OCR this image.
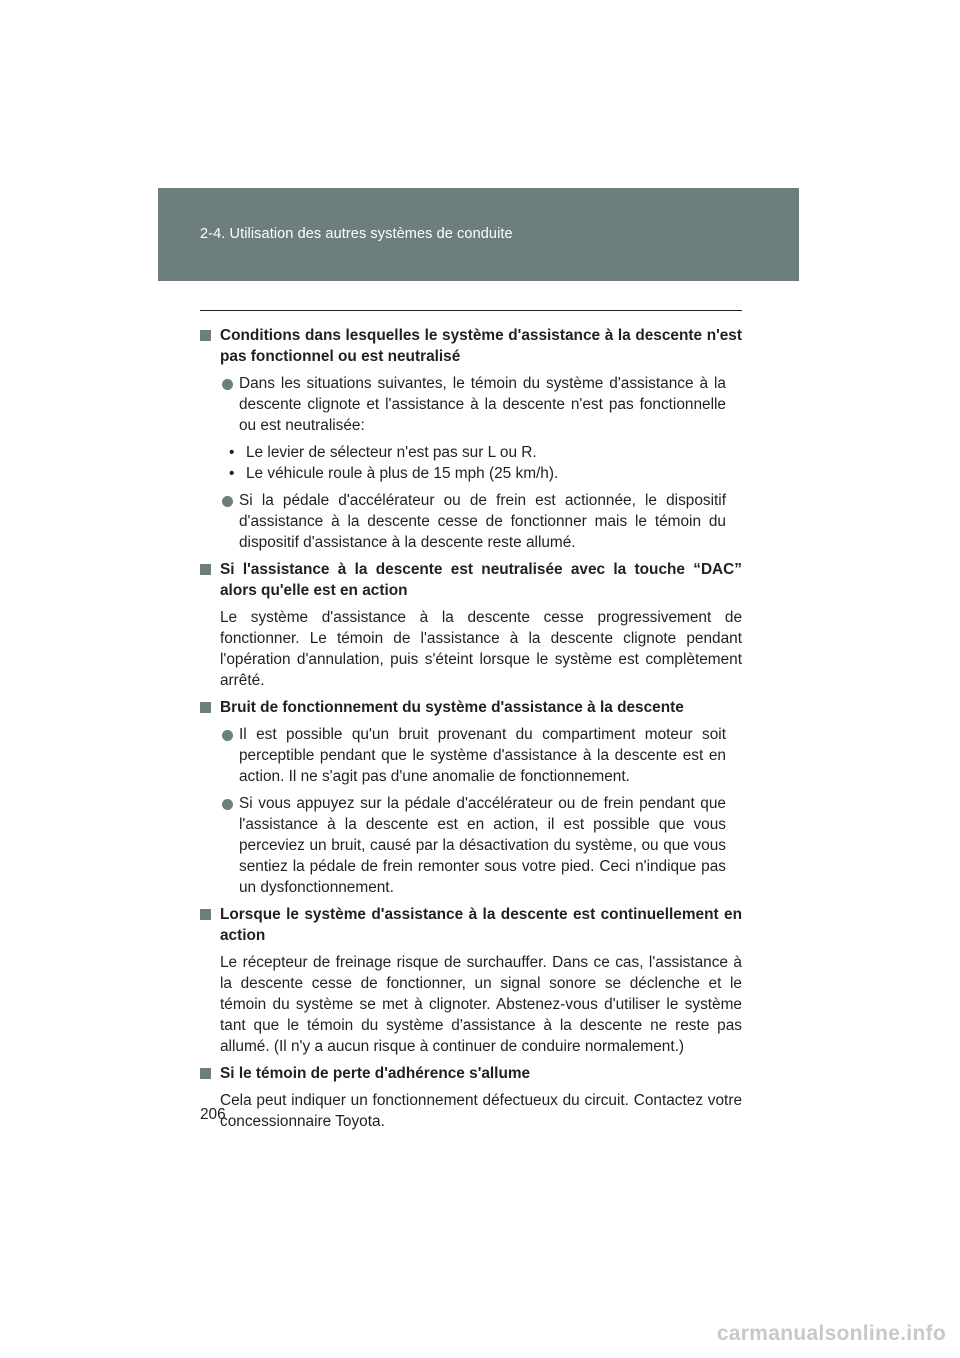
2-4. Utilisation des autres systèmes de conduite
Conditions dans lesquelles le système d'assistance à la descente n'est pas fonctionnel ou est neutralisé
Dans les situations suivantes, le témoin du système d'assistance à la descente clignote et l'assistance à la descente n'est pas fonctionnelle ou est neutralisée:
• Le levier de sélecteur n'est pas sur L ou R.
• Le véhicule roule à plus de 15 mph (25 km/h).
Si la pédale d'accélérateur ou de frein est actionnée, le dispositif d'assistance à la descente cesse de fonctionner mais le témoin du dispositif d'assistance à la descente reste allumé.
Si l'assistance à la descente est neutralisée avec la touche “DAC” alors qu'elle est en action
Le système d'assistance à la descente cesse progressivement de fonctionner. Le témoin de l'assistance à la descente clignote pendant l'opération d'annulation, puis s'éteint lorsque le système est complètement arrêté.
Bruit de fonctionnement du système d'assistance à la descente
Il est possible qu'un bruit provenant du compartiment moteur soit perceptible pendant que le système d'assistance à la descente est en action. Il ne s'agit pas d'une anomalie de fonctionnement.
Si vous appuyez sur la pédale d'accélérateur ou de frein pendant que l'assistance à la descente est en action, il est possible que vous perceviez un bruit, causé par la désactivation du système, ou que vous sentiez la pédale de frein remonter sous votre pied. Ceci n'indique pas un dysfonctionnement.
Lorsque le système d'assistance à la descente est continuellement en action
Le récepteur de freinage risque de surchauffer. Dans ce cas, l'assistance à la descente cesse de fonctionner, un signal sonore se déclenche et le témoin du système se met à clignoter. Abstenez-vous d'utiliser le système tant que le témoin du système d'assistance à la descente ne reste pas allumé. (Il n'y a aucun risque à continuer de conduire normalement.)
Si le témoin de perte d'adhérence s'allume
Cela peut indiquer un fonctionnement défectueux du circuit. Contactez votre concessionnaire Toyota.
206
carmanualsonline.info
